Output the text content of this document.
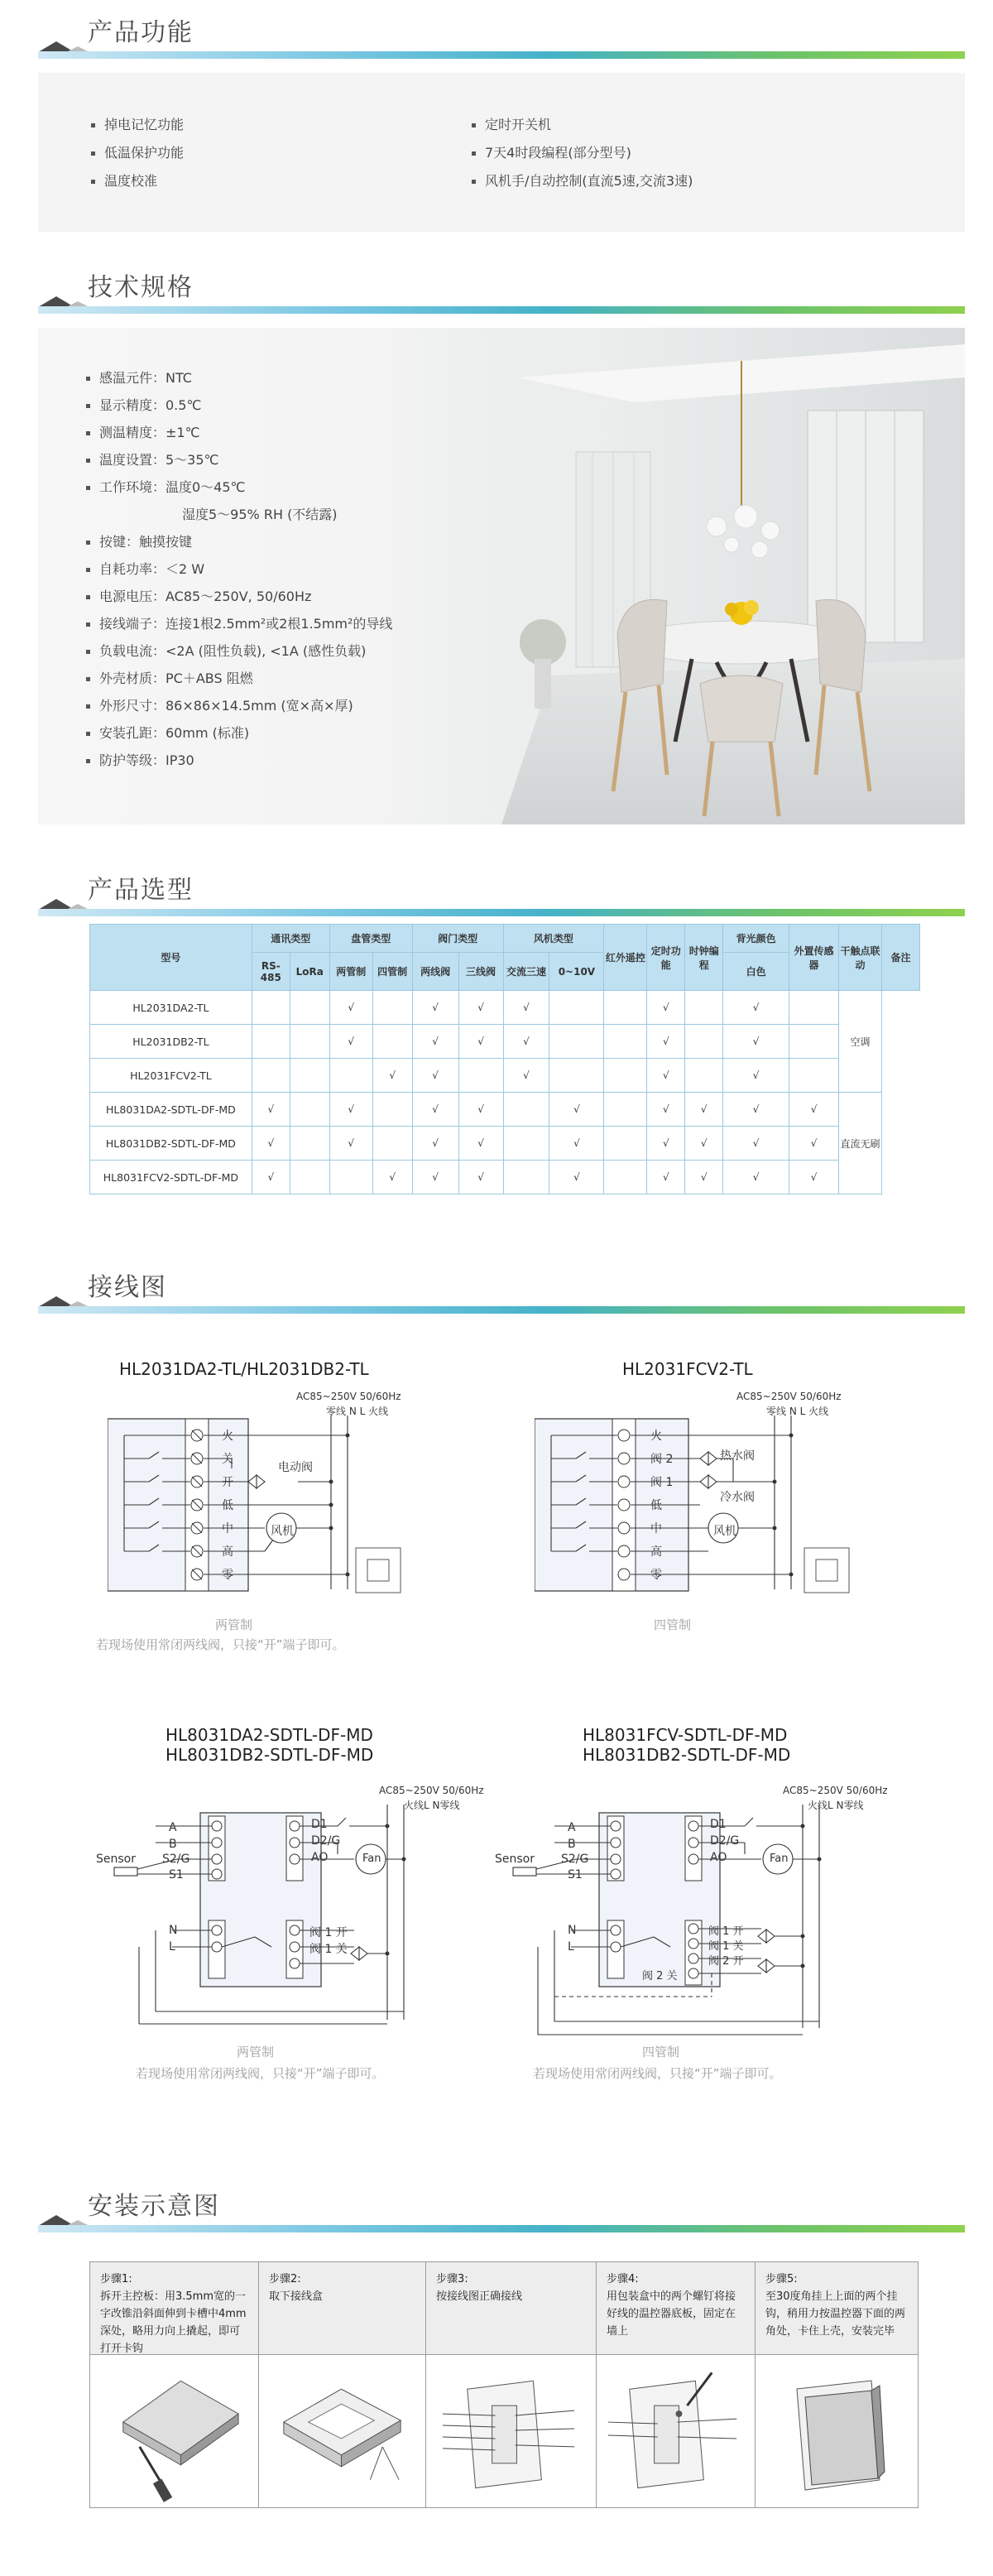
产品功能
掉电记忆功能
低温保护功能
温度校准
定时开关机
7天4时段编程(部分型号)
风机手/自动控制(直流5速,交流3速)
技术规格
感温元件：NTC
显示精度：0.5℃
测温精度：±1℃
温度设置：5～35℃
工作环境：温度0～45℃
湿度5～95% RH (不结露)
按键：触摸按键
自耗功率：＜2 W
电源电压：AC85～250V, 50/60Hz
接线端子：连接1根2.5mm²或2根1.5mm²的导线
负载电流：<2A (阻性负载), <1A (感性负载)
外壳材质：PC＋ABS 阻燃
外形尺寸：86×86×14.5mm (宽×高×厚)
安装孔距：60mm (标准)
防护等级：IP30
产品选型
型号	通讯类型		盘管类型		阀门类型		风机类型		红外遥控	定时功能	时钟编程	背光颜色	外置传感器	干触点联动	备注
	RS-485	LoRa	两管制	四管制	两线阀	三线阀	交流三速	0~10V				白色			
HL2031DA2-TL			√		√	√	√			√		√		空调	
HL2031DB2-TL			√		√	√	√			√		√			
HL2031FCV2-TL				√	√		√			√		√			
HL8031DA2-SDTL-DF-MD	√		√		√	√		√		√	√	√	√	直流无刷	
HL8031DB2-SDTL-DF-MD	√		√		√	√		√		√	√	√	√		
HL8031FCV2-SDTL-DF-MD	√			√	√	√		√		√	√	√	√		
接线图
HL2031DA2-TL/HL2031DB2-TL
AC85~250V 50/60Hz
零线 N L 火线
火
关
开
低
中
高
零
电动阀
风机
两管制
若现场使用常闭两线阀，只接“开”端子即可。
HL2031FCV2-TL
AC85~250V 50/60Hz
零线 N L 火线
火
阀 2
阀 1
低
中
高
零
热水阀
冷水阀
风机
四管制
HL8031DA2-SDTL-DF-MD
HL8031DB2-SDTL-DF-MD
AC85~250V 50/60Hz
火线L N零线
A
B
S2/G
S1
Sensor
D1
D2/G
AO	Fan
N
L
阀 1 开
阀 1 关
两管制
若现场使用常闭两线阀，只接“开”端子即可。
HL8031FCV-SDTL-DF-MD
HL8031DB2-SDTL-DF-MD
AC85~250V 50/60Hz
火线L N零线
A
B
S2/G
S1
Sensor
D1
D2/G
AO	Fan
N
L
阀 1 开
阀 1 关
阀 2 开
阀 2 关
四管制
若现场使用常闭两线阀，只接“开”端子即可。
安装示意图
步骤1:
拆开主控板：用3.5mm宽的一字改锥沿斜面伸到卡槽中4mm深处，略用力向上撬起，即可打开卡钩
步骤2:
取下接线盒
步骤3:
按接线图正确接线
步骤4:
用包装盒中的两个螺钉将接好线的温控器底板，固定在墙上
步骤5:
至30度角挂上上面的两个挂钩，稍用力按温控器下面的两角处，卡住上壳，安装完毕
